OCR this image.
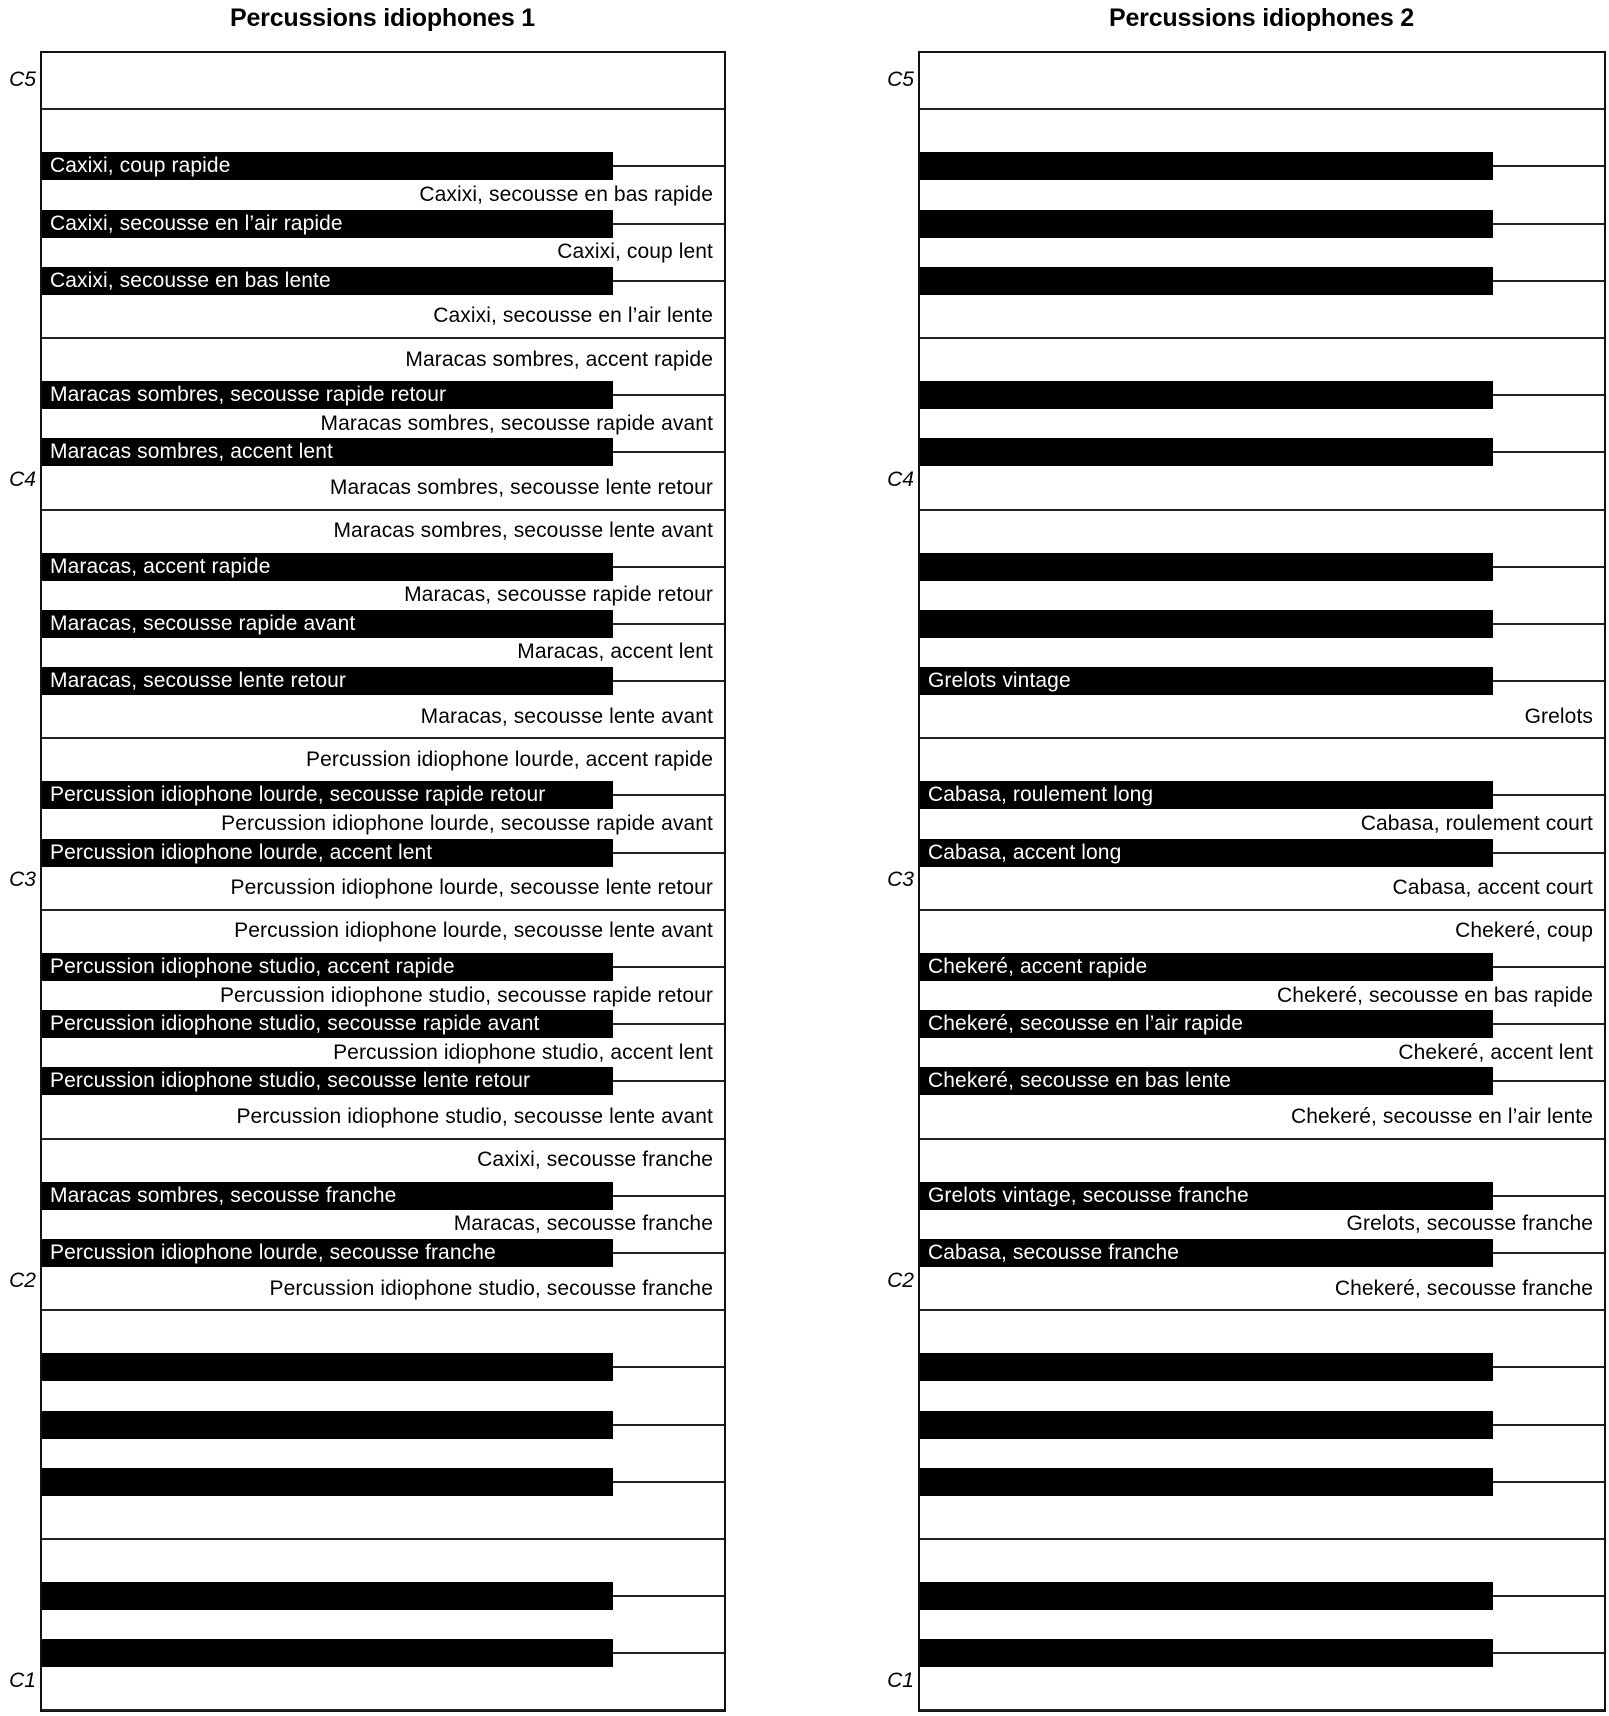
Percussions idiophones 1
C5
C4
C3
C2
C1
Caxixi, secousse en bas rapide
Caxixi, coup lent
Caxixi, secousse en l’air lente
Maracas sombres, accent rapide
Maracas sombres, secousse rapide avant
Maracas sombres, secousse lente retour
Maracas sombres, secousse lente avant
Maracas, secousse rapide retour
Maracas, accent lent
Maracas, secousse lente avant
Percussion idiophone lourde, accent rapide
Percussion idiophone lourde, secousse rapide avant
Percussion idiophone lourde, secousse lente retour
Percussion idiophone lourde, secousse lente avant
Percussion idiophone studio, secousse rapide retour
Percussion idiophone studio, accent lent
Percussion idiophone studio, secousse lente avant
Caxixi, secousse franche
Maracas, secousse franche
Percussion idiophone studio, secousse franche
Caxixi, coup rapide
Caxixi, secousse en l’air rapide
Caxixi, secousse en bas lente
Maracas sombres, secousse rapide retour
Maracas sombres, accent lent
Maracas, accent rapide
Maracas, secousse rapide avant
Maracas, secousse lente retour
Percussion idiophone lourde, secousse rapide retour
Percussion idiophone lourde, accent lent
Percussion idiophone studio, accent rapide
Percussion idiophone studio, secousse rapide avant
Percussion idiophone studio, secousse lente retour
Maracas sombres, secousse franche
Percussion idiophone lourde, secousse franche
Percussions idiophones 2
C5
C4
C3
C2
C1
Grelots
Cabasa, roulement court
Cabasa, accent court
Chekeré, coup
Chekeré, secousse en bas rapide
Chekeré, accent lent
Chekeré, secousse en l’air lente
Grelots, secousse franche
Chekeré, secousse franche
Grelots vintage
Cabasa, roulement long
Cabasa, accent long
Chekeré, accent rapide
Chekeré, secousse en l’air rapide
Chekeré, secousse en bas lente
Grelots vintage, secousse franche
Cabasa, secousse franche
